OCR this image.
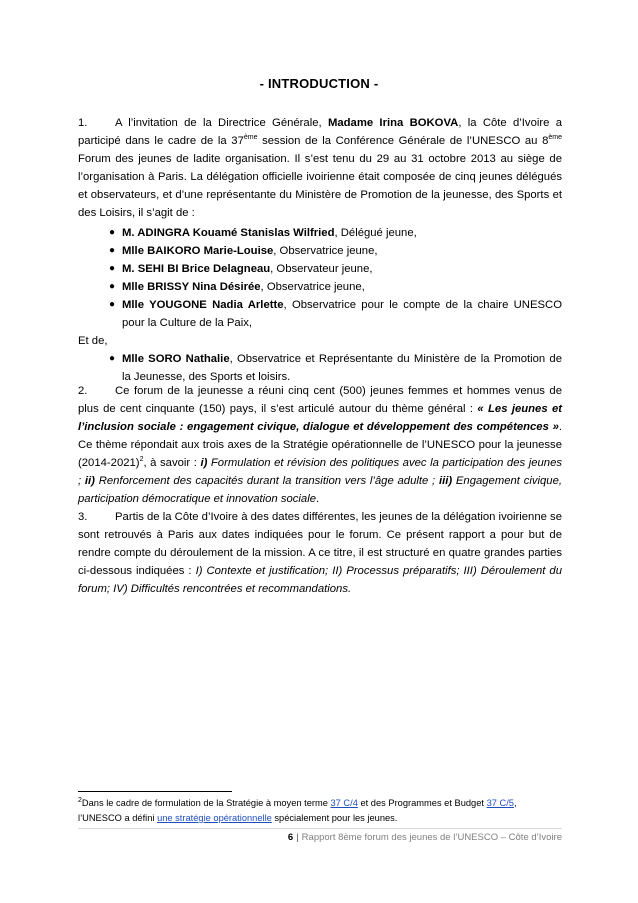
- INTRODUCTION -
1. A l’invitation de la Directrice Générale, Madame Irina BOKOVA, la Côte d’Ivoire a participé dans le cadre de la 37ème session de la Conférence Générale de l’UNESCO au 8ème Forum des jeunes de ladite organisation. Il s’est tenu du 29 au 31 octobre 2013 au siège de l’organisation à Paris. La délégation officielle ivoirienne était composée de cinq jeunes délégués et observateurs, et d’une représentante du Ministère de Promotion de la jeunesse, des Sports et des Loisirs, il s’agit de :
● M. ADINGRA Kouamé Stanislas Wilfried, Délégué jeune,
● Mlle BAIKORO Marie-Louise, Observatrice jeune,
● M. SEHI BI Brice Delagneau, Observateur jeune,
● Mlle BRISSY Nina Désirée, Observatrice jeune,
● Mlle YOUGONE Nadia Arlette, Observatrice pour le compte de la chaire UNESCO pour la Culture de la Paix,
Et de,
● Mlle SORO Nathalie, Observatrice et Représentante du Ministère de la Promotion de la Jeunesse, des Sports et loisirs.
2. Ce forum de la jeunesse a réuni cinq cent (500) jeunes femmes et hommes venus de plus de cent cinquante (150) pays, il s’est articulé autour du thème général : « Les jeunes et l’inclusion sociale : engagement civique, dialogue et développement des compétences ». Ce thème répondait aux trois axes de la Stratégie opérationnelle de l’UNESCO pour la jeunesse (2014-2021)$^2$, à savoir : i) Formulation et révision des politiques avec la participation des jeunes ; ii) Renforcement des capacités durant la transition vers l’âge adulte ; iii) Engagement civique, participation démocratique et innovation sociale.
3. Partis de la Côte d’Ivoire à des dates différentes, les jeunes de la délégation ivoirienne se sont retrouvés à Paris aux dates indiquées pour le forum. Ce présent rapport a pour but de rendre compte du déroulement de la mission. A ce titre, il est structuré en quatre grandes parties ci-dessous indiquées : I) Contexte et justification; II) Processus préparatifs; III) Déroulement du forum; IV) Difficultés rencontrées et recommandations.
$^2$Dans le cadre de formulation de la Stratégie à moyen terme 37 C/4 et des Programmes et Budget 37 C/5, l’UNESCO a défini une stratégie opérationnelle spécialement pour les jeunes.
6 | Rapport 8ème forum des jeunes de l’UNESCO – Côte d’Ivoire
